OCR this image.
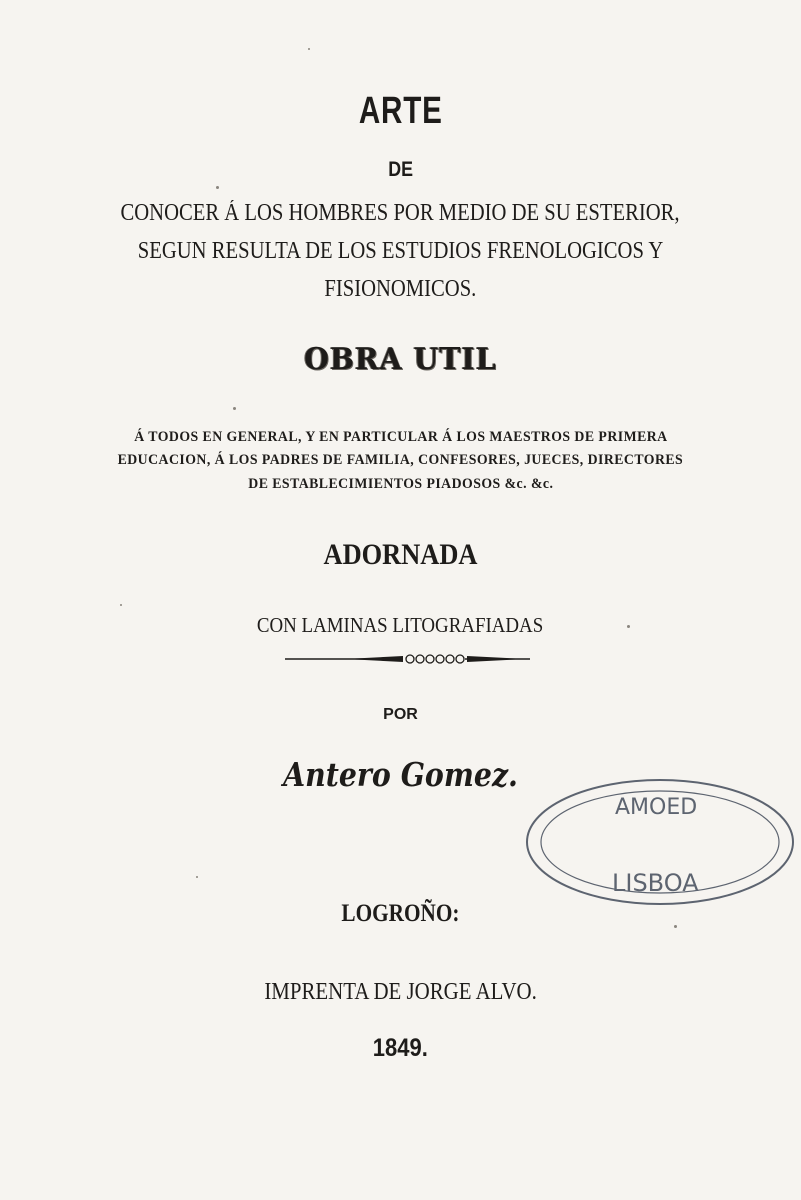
ARTE
DE
CONOCER Á LOS HOMBRES POR MEDIO DE SU ESTERIOR,
SEGUN RESULTA DE LOS ESTUDIOS FRENOLOGICOS Y
FISIONOMICOS.
OBRA UTIL
Á TODOS EN GENERAL, Y EN PARTICULAR Á LOS MAESTROS DE PRIMERA
EDUCACION, Á LOS PADRES DE FAMILIA, CONFESORES, JUECES, DIRECTORES
DE ESTABLECIMIENTOS PIADOSOS &c. &c.
ADORNADA
CON LAMINAS LITOGRAFIADAS
POR
Antero Gomez.
AMOED
LISBOA
LOGROÑO:
IMPRENTA DE JORGE ALVO.
1849.
